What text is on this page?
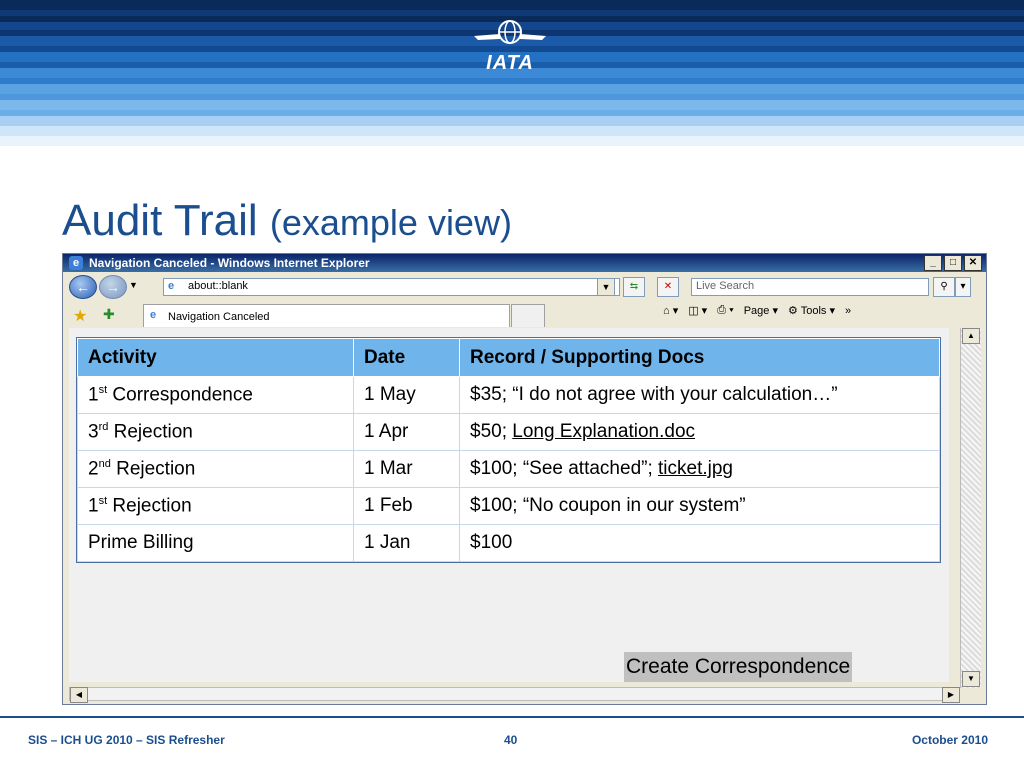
IATA
Audit Trail (example view)
e Navigation Canceled - Windows Internet Explorer	_	□	✕
←	→	▼	e about::blank	▼	⇆	✕	Live Search	⚲	▾
★ ✚	e Navigation Canceled	⌂ ▾ ◫ ▾ ⎙ ▾ Page ▾ ⚙ Tools ▾ »
▲
▼
◀	▶
Activity	Date	Record / Supporting Docs
1st Correspondence	1 May	$35; “I do not agree with your calculation…”
3rd Rejection	1 Apr	$50; Long Explanation.doc
2nd Rejection	1 Mar	$100; “See attached”; ticket.jpg
1st Rejection	1 Feb	$100; “No coupon in our system”
Prime Billing	1 Jan	$100
Create Correspondence
SIS – ICH UG 2010 – SIS Refresher	40	October 2010
